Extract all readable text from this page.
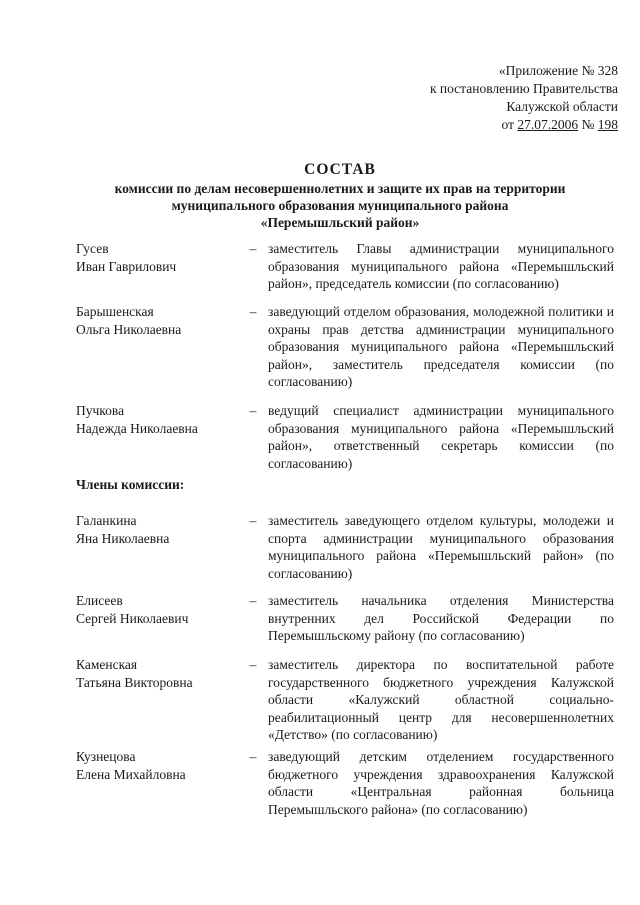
«Приложение № 328
к постановлению Правительства
Калужской области
от 27.07.2006 № 198
СОСТАВ
комиссии по делам несовершеннолетних и защите их прав на территории
муниципального образования муниципального района
«Перемышльский район»
Гусев
Иван Гаврилович
– заместитель Главы администрации муниципального образования муниципального района «Перемышльский район», председатель комиссии (по согласованию)
Барышенская
Ольга Николаевна
– заведующий отделом образования, молодежной политики и охраны прав детства администрации муниципального образования муниципального района «Перемышльский район», заместитель председателя комиссии (по согласованию)
Пучкова
Надежда Николаевна
– ведущий специалист администрации муниципального образования муниципального района «Перемышльский район», ответственный секретарь комиссии (по согласованию)
Члены комиссии:
Галанкина
Яна Николаевна
– заместитель заведующего отделом культуры, молодежи и спорта администрации муниципального образования муниципального района «Перемышльский район» (по согласованию)
Елисеев
Сергей Николаевич
– заместитель начальника отделения Министерства внутренних дел Российской Федерации по Перемышльскому району (по согласованию)
Каменская
Татьяна Викторовна
– заместитель директора по воспитательной работе государственного бюджетного учреждения Калужской области «Калужский областной социально-реабилитационный центр для несовершеннолетних «Детство» (по согласованию)
Кузнецова
Елена Михайловна
– заведующий детским отделением государственного бюджетного учреждения здравоохранения Калужской области «Центральная районная больница Перемышльского района» (по согласованию)
